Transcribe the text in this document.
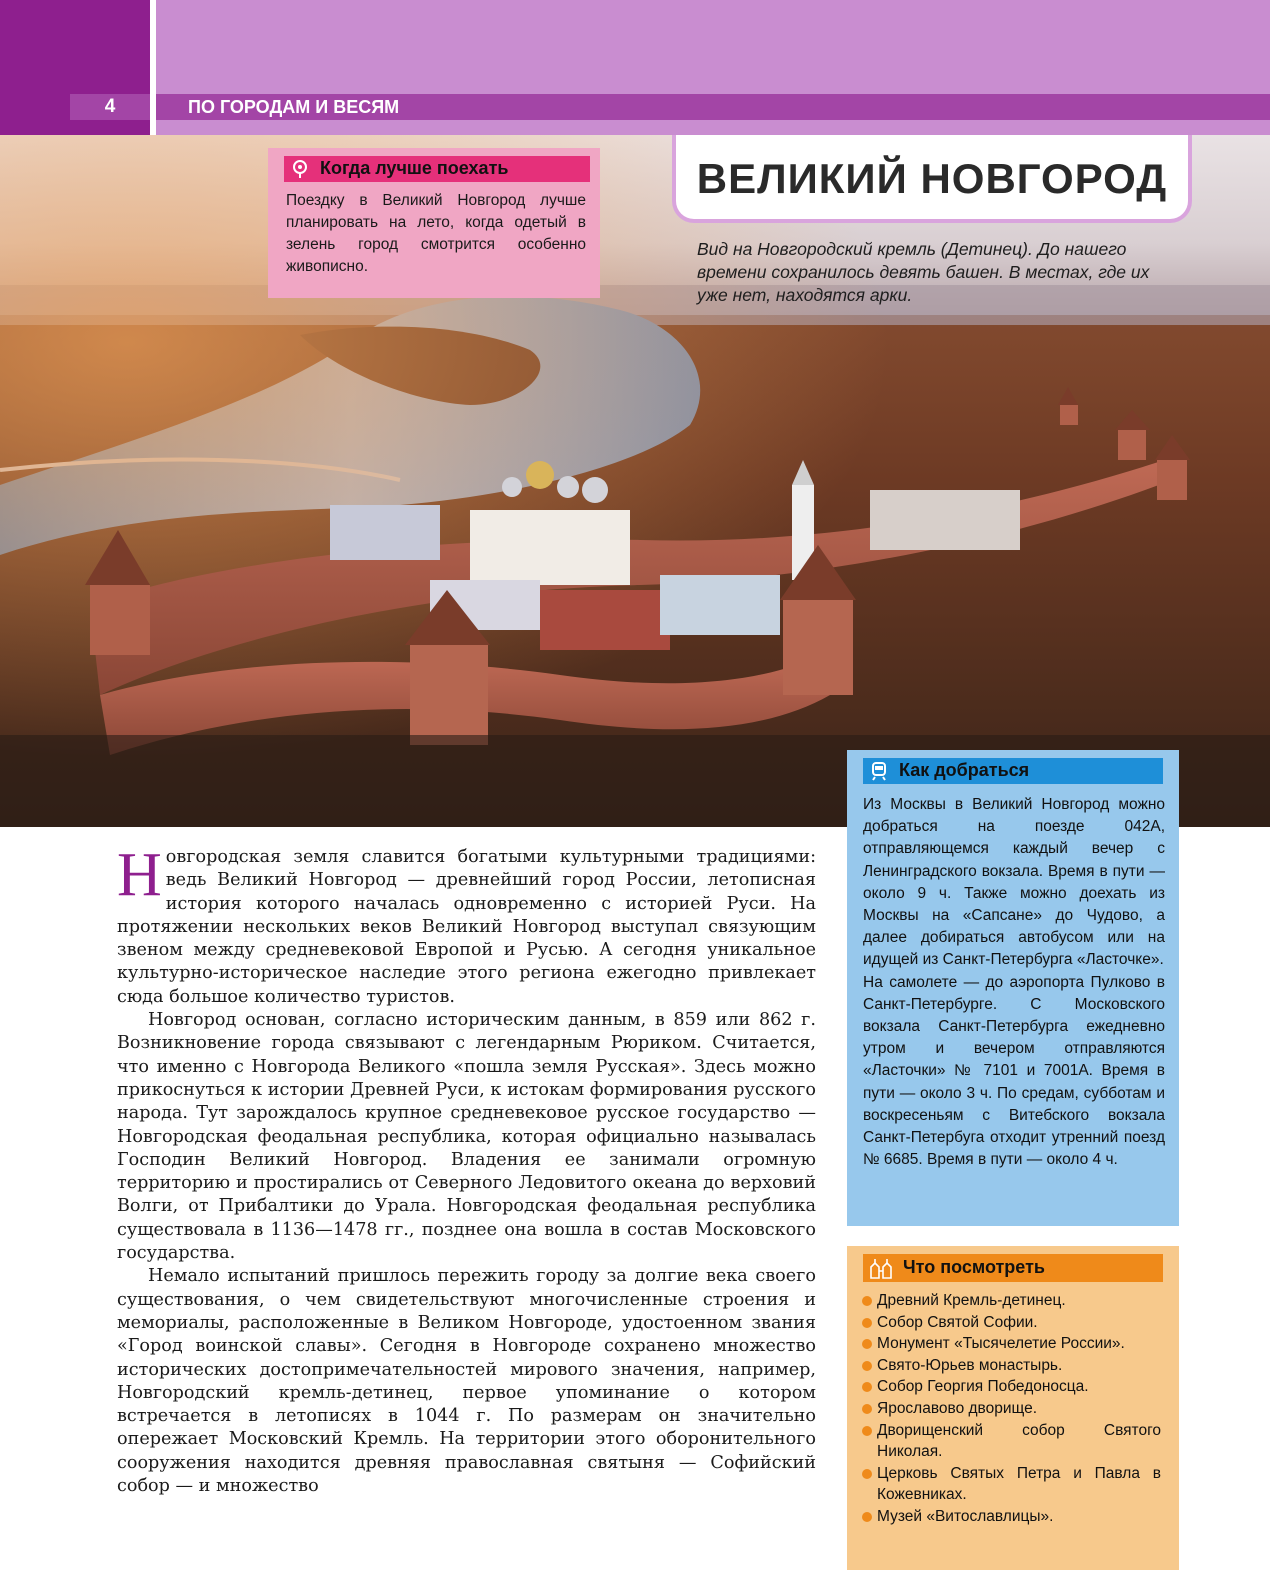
4	ПО ГОРОДАМ И ВЕСЯМ
ВЕЛИКИЙ НОВГОРОД
Вид на Новгородский кремль (Детинец). До нашего времени сохранилось девять башен. В местах, где их уже нет, находятся арки.
Когда лучше поехать
Поездку в Великий Новгород лучше планировать на лето, когда одетый в зелень город смотрится особенно живописно.
Как добраться

Из Москвы в Великий Новгород можно добраться на поезде 042А, отправляющемся каждый вечер с Ленинградского вокзала. Время в пути — около 9 ч. Также можно доехать из Москвы на «Сапсане» до Чудово, а далее добираться автобусом или на идущей из Санкт-Петербурга «Ласточке».

На самолете — до аэропорта Пулково в Санкт-Петербурге. С Московского вокзала Санкт-Петербурга ежедневно утром и вечером отправляются «Ласточки» № 7101 и 7001А. Время в пути — около 3 ч. По средам, субботам и воскресеньям с Витебского вокзала Санкт-Петербуга отходит утренний поезд № 6685. Время в пути — около 4 ч.

Что посмотреть
Древний Кремль-детинец.
Собор Святой Софии.
Монумент «Тысячелетие России».
Свято-Юрьев монастырь.
Собор Георгия Победоносца.
Ярославово дворище.
Дворищенский собор Святого Николая.
Церковь Святых Петра и Павла в Кожевниках.
Музей «Витославлицы».

Новгородская земля славится богатыми культурными традициями: ведь Великий Новгород — древнейший город России, летописная история которого началась одновременно с историей Руси. На протяжении нескольких веков Великий Новгород выступал связующим звеном между средневековой Европой и Русью. А сегодня уникальное культурно-историческое наследие этого региона ежегодно привлекает сюда большое количество туристов.

Новгород основан, согласно историческим данным, в 859 или 862 г. Возникновение города связывают с легендарным Рюриком. Считается, что именно с Новгорода Великого «пошла земля Русская». Здесь можно прикоснуться к истории Древней Руси, к истокам формирования русского народа. Тут зарождалось крупное средневековое русское государство — Новгородская феодальная республика, которая официально называлась Господин Великий Новгород. Владения ее занимали огромную территорию и простирались от Северного Ледовитого океана до верховий Волги, от Прибалтики до Урала. Новгородская феодальная республика существовала в 1136—1478 гг., позднее она вошла в состав Московского государства.

Немало испытаний пришлось пережить городу за долгие века своего существования, о чем свидетельствуют многочисленные строения и мемориалы, расположенные в Великом Новгороде, удостоенном звания «Город воинской славы». Сегодня в Новгороде сохранено множество исторических достопримечательностей мирового значения, например, Новгородский кремль-детинец, первое упоминание о котором встречается в летописях в 1044 г. По размерам он значительно опережает Московский Кремль. На территории этого оборонительного сооружения находится древняя православная святыня — Софийский собор — и множество
